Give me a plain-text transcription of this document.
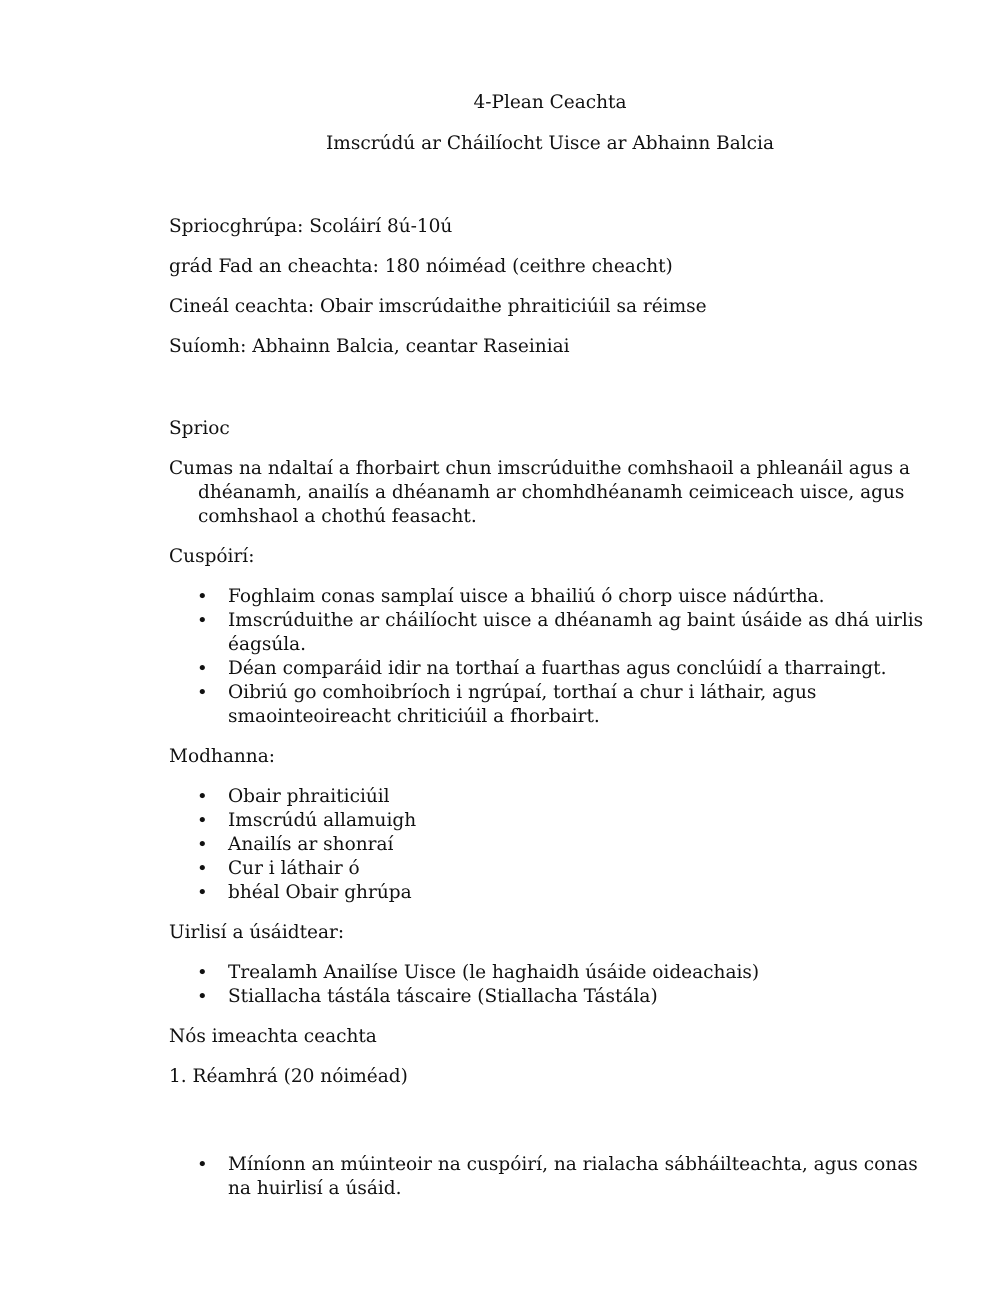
4-Plean Ceachta

Imscrúdú ar Cháilíocht Uisce ar Abhainn Balcia

Spriocghrúpa: Scoláirí 8ú-10ú

grád Fad an cheachta: 180 nóiméad (ceithre cheacht)

Cineál ceachta: Obair imscrúdaithe phraiticiúil sa réimse

Suíomh: Abhainn Balcia, ceantar Raseiniai

Sprioc

Cumas na ndaltaí a fhorbairt chun imscrúduithe comhshaoil a phleanáil agus a dhéanamh, anailís a dhéanamh ar chomhdhéanamh ceimiceach uisce, agus comhshaol a chothú feasacht.

Cuspóirí:

• Foghlaim conas samplaí uisce a bhailiú ó chorp uisce nádúrtha.
• Imscrúduithe ar cháilíocht uisce a dhéanamh ag baint úsáide as dhá uirlis éagsúla.
• Déan comparáid idir na torthaí a fuarthas agus conclúidí a tharraingt.
• Oibriú go comhoibríoch i ngrúpaí, torthaí a chur i láthair, agus smaointeoireacht chriticiúil a fhorbairt.

Modhanna:

• Obair phraiticiúil
• Imscrúdú allamuigh
• Anailís ar shonraí
• Cur i láthair ó
• bhéal Obair ghrúpa

Uirlisí a úsáidtear:

• Trealamh Anailíse Uisce (le haghaidh úsáide oideachais)
• Stiallacha tástála táscaire (Stiallacha Tástála)

Nós imeachta ceachta

1. Réamhrá (20 nóiméad)

• Míníonn an múinteoir na cuspóirí, na rialacha sábháilteachta, agus conas na huirlisí a úsáid.
